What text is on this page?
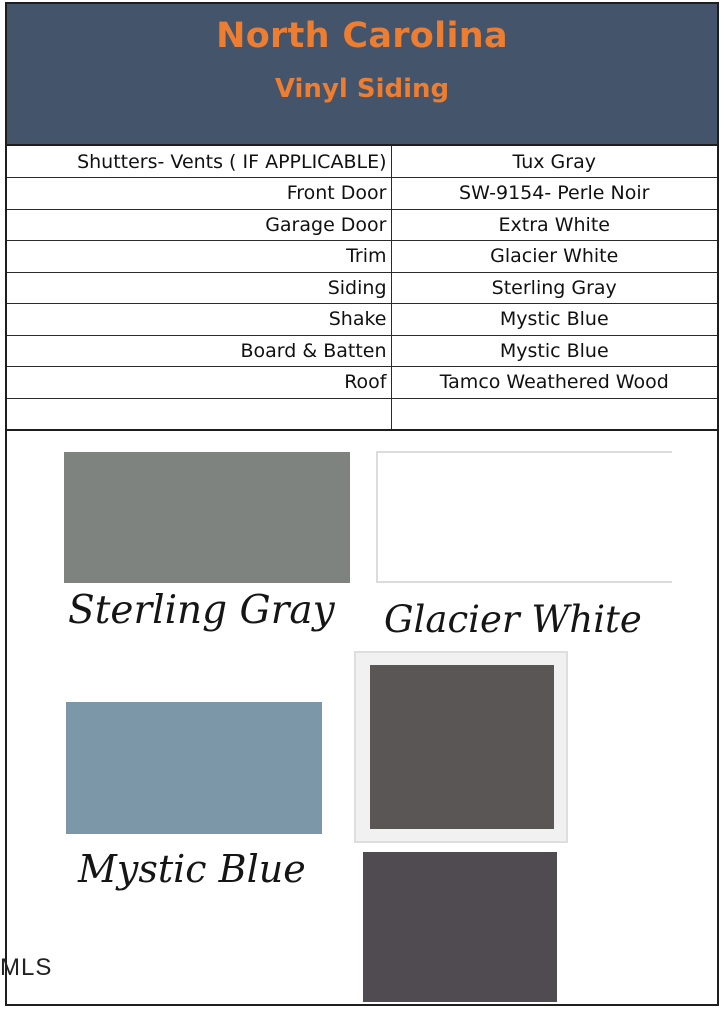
North Carolina
Vinyl Siding
Shutters- Vents ( IF APPLICABLE)	Tux Gray
Front Door	SW-9154- Perle Noir
Garage Door	Extra White
Trim	Glacier White
Siding	Sterling Gray
Shake	Mystic Blue
Board & Batten	Mystic Blue
Roof	Tamco Weathered Wood

Sterling Gray Glacier White
Mystic Blue
MLS
